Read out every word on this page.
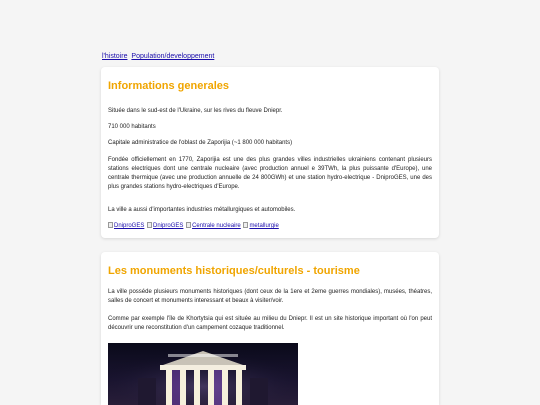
l'histoire Population/developpement
Informations generales

Située dans le sud-est de l'Ukraine, sur les rives du fleuve Dniepr.

710 000 habitants

Capitale administratice de l'oblast de Zaporijia (~1 800 000 habitants)

Fondée officiellement en 1770, Zaporijia est une des plus grandes villes industrielles ukrainiens contenant plusieurs stations electriques dont une centrale nucleaire (avec production annuel e 39TWh, la plus puissante d'Europe), une centrale thermique (avec une production annuelle de 24 800GWh) et une station hydro-electrique - DniproGES, une des plus grandes stations hydro-electriques d'Europe.

La ville a aussi d'importantes industries métallurgiques et automobiles.

DniproGES DniproGES Centrale nucleaire metallurgie
Les monuments historiques/culturels - tourisme

La ville posséde plusieurs monuments historiques (dont ceux de la 1ere et 2eme guerres mondiales), musées, théatres, salles de concert et monuments interessant et beaux à visiter/voir.

Comme par exemple l'île de Khortytsia qui est située au milieu du Dniepr. Il est un site historique important où l'on peut découvrir une reconstitution d'un campement cozaque traditionnel.
